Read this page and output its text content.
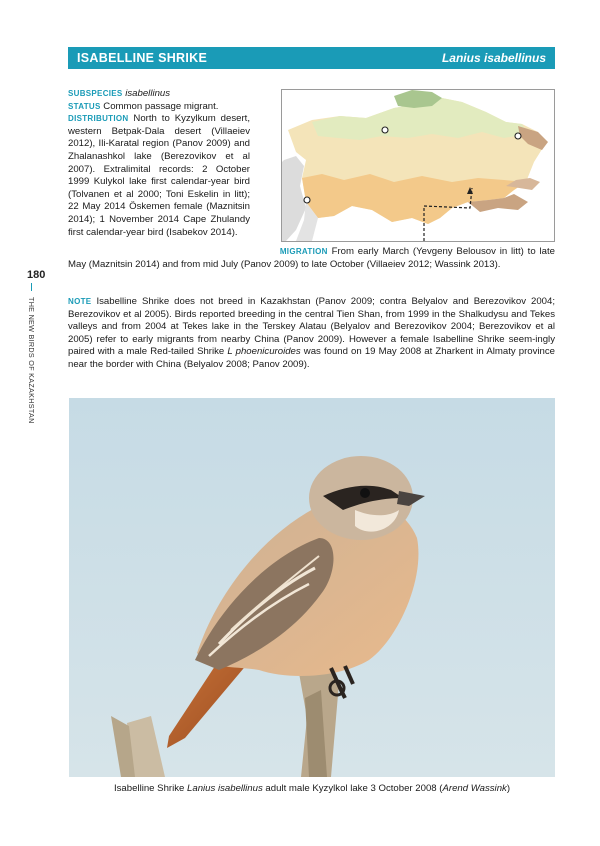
ISABELLINE SHRIKE	Lanius isabellinus
180
THE NEW BIRDS OF KAZAKHSTAN

SUBSPECIES isabellinus

STATUS Common passage migrant.

DISTRIBUTION North to Kyzylkum desert, western Betpak-Dala desert (Villaeiev 2012), Ili-Karatal region (Panov 2009) and Zhalanashkol lake (Berezovikov et al 2007). Extralimital records: 2 October 1999 Kulykol lake first calendar-year bird (Tolvanen et al 2000; Toni Eskelin in litt); 22 May 2014 Öskemen female (Maznitsin 2014); 1 November 2014 Cape Zhulandy first calendar-year bird (Isabekov 2014).

MIGRATION From early March (Yevgeny Belousov in litt) to late May (Maznitsin 2014) and from mid July (Panov 2009) to late October (Villaeiev 2012; Wassink 2013).

NOTE Isabelline Shrike does not breed in Kazakhstan (Panov 2009; contra Belyalov and Berezovikov 2004; Berezovikov et al 2005). Birds reported breeding in the central Tien Shan, from 1999 in the Shalkudysu and Tekes valleys and from 2004 at Tekes lake in the Terskey Alatau (Belyalov and Berezovikov 2004; Berezovikov et al 2005) refer to early migrants from nearby China (Panov 2009). However a female Isabelline Shrike seem-ingly paired with a male Red-tailed Shrike L phoenicuroides was found on 19 May 2008 at Zharkent in Almaty province near the border with China (Belyalov 2008; Panov 2009).

Isabelline Shrike Lanius isabellinus adult male Kyzylkol lake 3 October 2008 (Arend Wassink)
